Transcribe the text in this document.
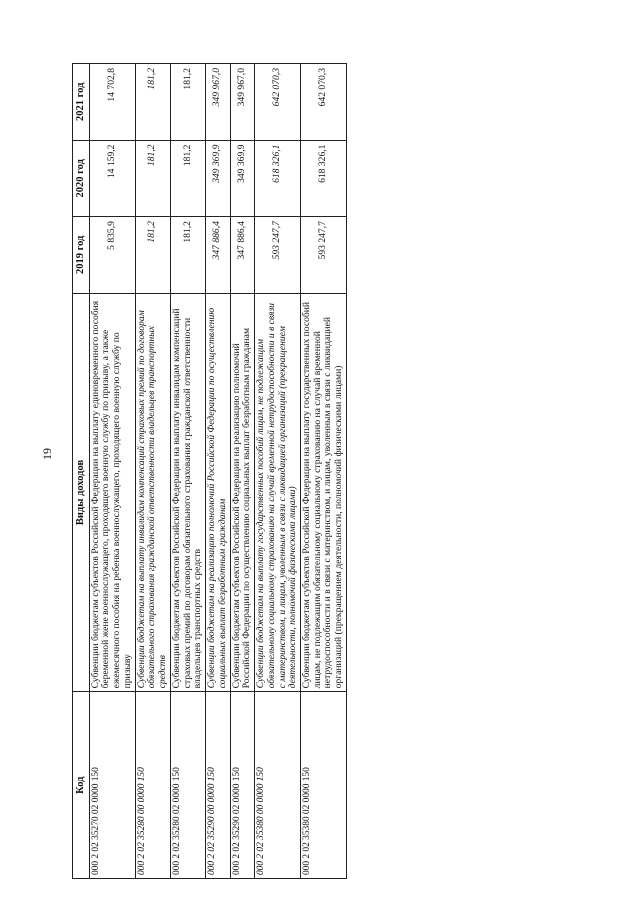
19
Код	Виды доходов	2019 год	2020 год	2021 год
000 2 02 35270 02 0000 150	Субвенции бюджетам субъектов Российской Федерации на выплату единовременного пособия беременной жене военнослужащего, проходящего военную службу по призыву, а также ежемесячного пособия на ребенка военнослужащего, проходящего военную службу по призыву	5 835,9	14 159,2	14 702,8
000 2 02 35280 00 0000 150	Субвенции бюджетам на выплату инвалидам компенсаций страховых премий по договорам обязательного страхования гражданской ответственности владельцев транспортных средств	181,2	181,2	181,2
000 2 02 35280 02 0000 150	Субвенции бюджетам субъектов Российской Федерации на выплату инвалидам компенсаций страховых премий по договорам обязательного страхования гражданской ответственности владельцев транспортных средств	181,2	181,2	181,2
000 2 02 35290 00 0000 150	Субвенции бюджетам на реализацию полномочий Российской Федерации по осуществлению социальных выплат безработным гражданам	347 886,4	349 369,9	349 967,0
000 2 02 35290 02 0000 150	Субвенции бюджетам субъектов Российской Федерации на реализацию полномочий Российской Федерации по осуществлению социальных выплат безработным гражданам	347 886,4	349 369,9	349 967,0
000 2 02 35380 00 0000 150	Субвенции бюджетам на выплату государственных пособий лицам, не подлежащим обязательному социальному страхованию на случай временной нетрудоспособности и в связи с материнством, и лицам, уволенным в связи с ликвидацией организаций (прекращением деятельности, полномочий физическими лицами)	593 247,7	618 326,1	642 070,3
000 2 02 35380 02 0000 150	Субвенции бюджетам субъектов Российской Федерации на выплату государственных пособий лицам, не подлежащим обязательному социальному страхованию на случай временной нетрудоспособности и в связи с материнством, и лицам, уволенным в связи с ликвидацией организаций (прекращением деятельности, полномочий физическими лицами)	593 247,7	618 326,1	642 070,3
